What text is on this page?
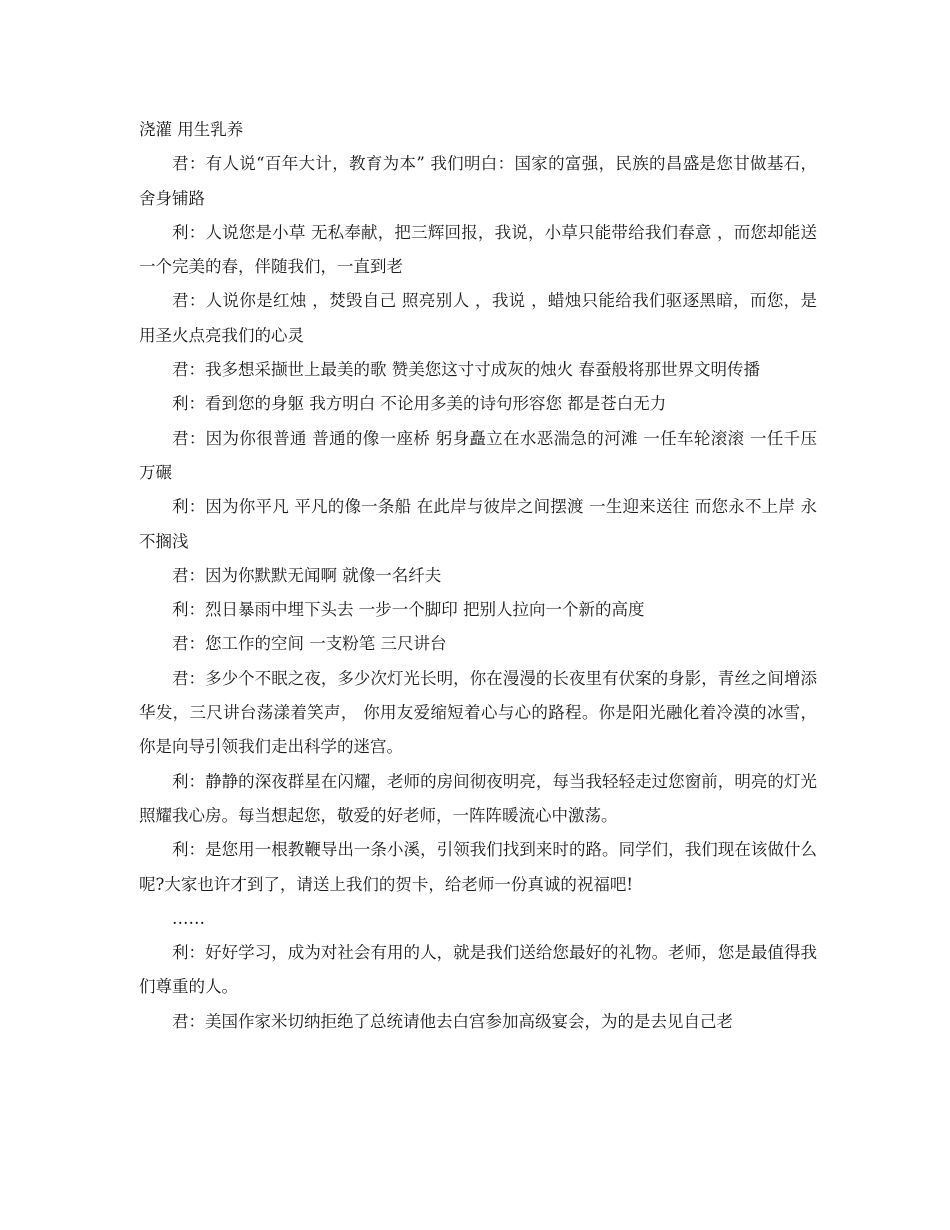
浇灌 用生乳养

君：有人说“百年大计，教育为本” 我们明白：国家的富强，民族的昌盛是您甘做基石，舍身铺路

利：人说您是小草 无私奉献，把三辉回报，我说，小草只能带给我们春意 ，而您却能送一个完美的春，伴随我们，一直到老

君：人说你是红烛 ，焚毁自己 照亮别人 ，我说 ，蜡烛只能给我们驱逐黑暗，而您，是用圣火点亮我们的心灵

君：我多想采撷世上最美的歌 赞美您这寸寸成灰的烛火 春蚕般将那世界文明传播

利：看到您的身躯 我方明白 不论用多美的诗句形容您 都是苍白无力

君：因为你很普通 普通的像一座桥 躬身矗立在水恶湍急的河滩 一任车轮滚滚 一任千压万碾

利：因为你平凡 平凡的像一条船 在此岸与彼岸之间摆渡 一生迎来送往 而您永不上岸 永不搁浅

君：因为你默默无闻啊 就像一名纤夫

利：烈日暴雨中埋下头去 一步一个脚印 把别人拉向一个新的高度

君：您工作的空间 一支粉笔 三尺讲台

君：多少个不眠之夜，多少次灯光长明，你在漫漫的长夜里有伏案的身影，青丝之间增添华发，三尺讲台荡漾着笑声， 你用友爱缩短着心与心的路程。你是阳光融化着冷漠的冰雪，你是向导引领我们走出科学的迷宫。

利：静静的深夜群星在闪耀，老师的房间彻夜明亮，每当我轻轻走过您窗前，明亮的灯光照耀我心房。每当想起您，敬爱的好老师，一阵阵暖流心中激荡。

利：是您用一根教鞭导出一条小溪，引领我们找到来时的路。同学们，我们现在该做什么呢?大家也许才到了，请送上我们的贺卡，给老师一份真诚的祝福吧!

……

利：好好学习，成为对社会有用的人，就是我们送给您最好的礼物。老师，您是最值得我们尊重的人。

君：美国作家米切纳拒绝了总统请他去白宫参加高级宴会，为的是去见自己老
